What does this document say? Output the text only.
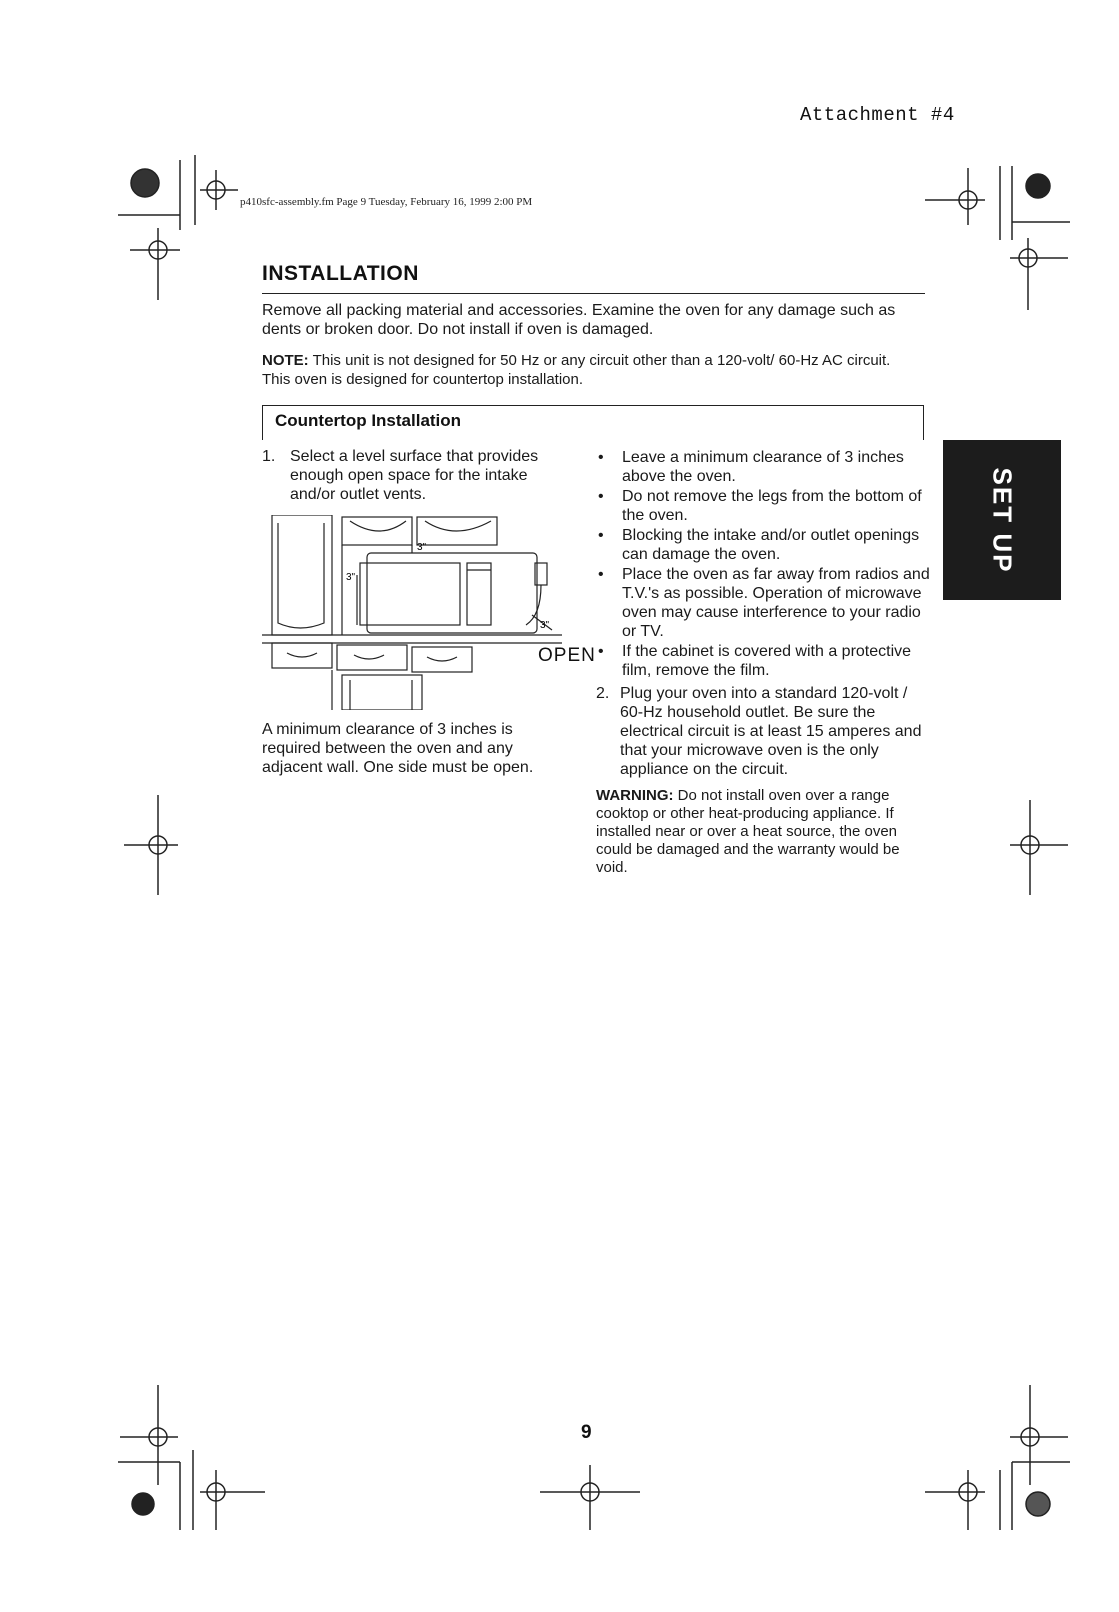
Attachment #4
p410sfc-assembly.fm Page 9 Tuesday, February 16, 1999 2:00 PM
INSTALLATION
Remove all packing material and accessories. Examine the oven for any damage such as dents or broken door. Do not install if oven is damaged.
NOTE: This unit is not designed for 50 Hz or any circuit other than a 120-volt/ 60-Hz AC circuit. This oven is designed for countertop installation.
Countertop Installation
1. Select a level surface that provides enough open space for the intake and/or outlet vents.
3"
3"
3"
OPEN
A minimum clearance of 3 inches is required between the oven and any adjacent wall. One side must be open.
•	Leave a minimum clearance of 3 inches above the oven.
•	Do not remove the legs from the bottom of the oven.
•	Blocking the intake and/or outlet openings can damage the oven.
•	Place the oven as far away from radios and T.V.'s as possible. Operation of microwave oven may cause interference to your radio or TV.
•	If the cabinet is covered with a protective film, remove the film.
2. Plug your oven into a standard 120-volt / 60-Hz household outlet. Be sure the electrical circuit is at least 15 amperes and that your microwave oven is the only appliance on the circuit.
WARNING: Do not install oven over a range cooktop or other heat-producing appliance. If installed near or over a heat source, the oven could be damaged and the warranty would be void.
SET UP
9
